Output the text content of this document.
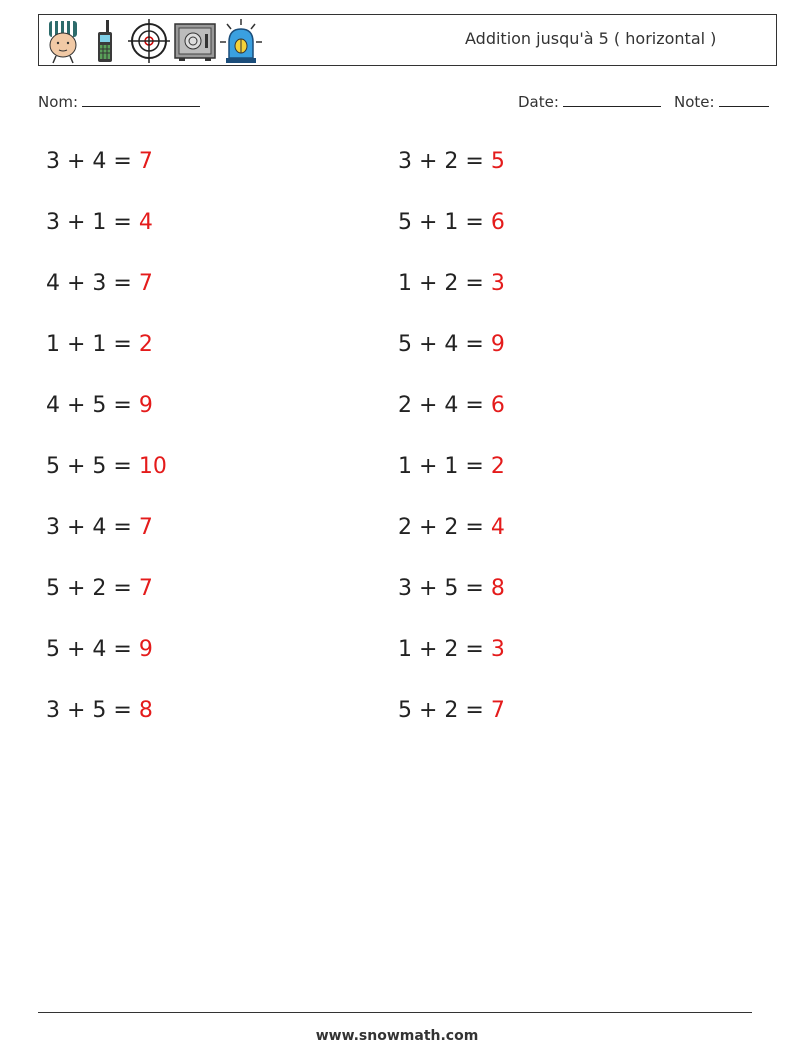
Addition jusqu'à 5 ( horizontal )
Nom:	Date:	Note:
3 + 4 = 7
3 + 1 = 4
4 + 3 = 7
1 + 1 = 2
4 + 5 = 9
5 + 5 = 10
3 + 4 = 7
5 + 2 = 7
5 + 4 = 9
3 + 5 = 8
3 + 2 = 5
5 + 1 = 6
1 + 2 = 3
5 + 4 = 9
2 + 4 = 6
1 + 1 = 2
2 + 2 = 4
3 + 5 = 8
1 + 2 = 3
5 + 2 = 7
www.snowmath.com
